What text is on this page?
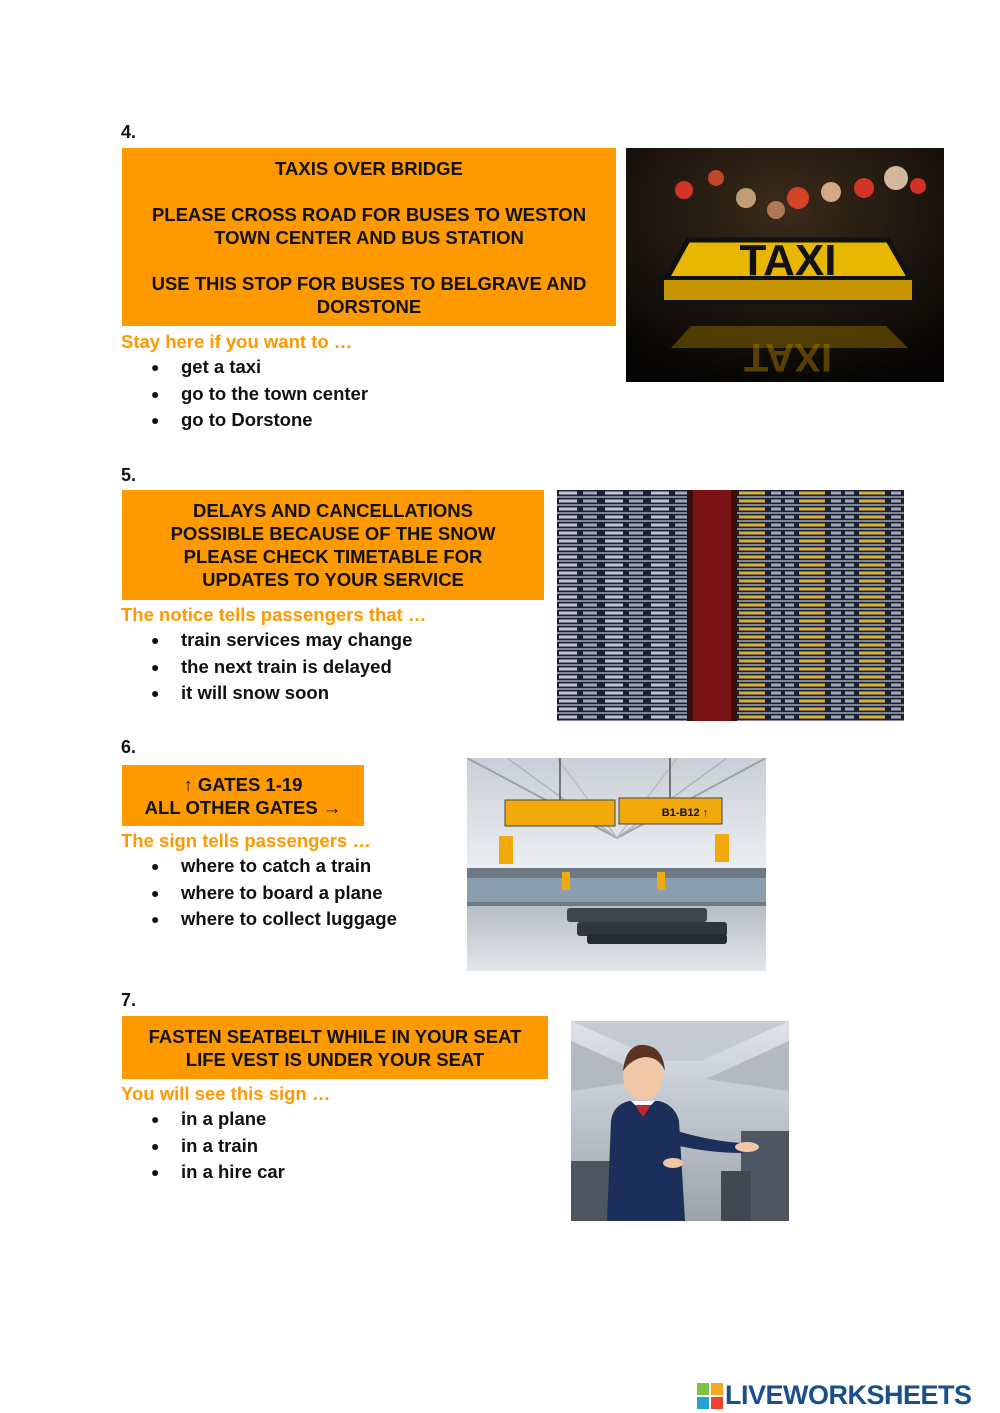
4.
TAXIS OVER BRIDGE
PLEASE CROSS ROAD FOR BUSES TO WESTON
TOWN CENTER AND BUS STATION
USE THIS STOP FOR BUSES TO BELGRAVE AND
DORSTONE
Stay here if you want to …
● get a taxi
● go to the town center
● go to Dorstone
TAXI
TAXI
5.
DELAYS AND CANCELLATIONS
POSSIBLE BECAUSE OF THE SNOW
PLEASE CHECK TIMETABLE FOR
UPDATES TO YOUR SERVICE
The notice tells passengers that …
● train services may change
● the next train is delayed
● it will snow soon
6.
↑ GATES 1-19
ALL OTHER GATES →
The sign tells passengers …
● where to catch a train
● where to board a plane
● where to collect luggage
B1-B12 ↑
7.
FASTEN SEATBELT WHILE IN YOUR SEAT
LIFE VEST IS UNDER YOUR SEAT
You will see this sign …
● in a plane
● in a train
● in a hire car
LIVEWORKSHEETS
